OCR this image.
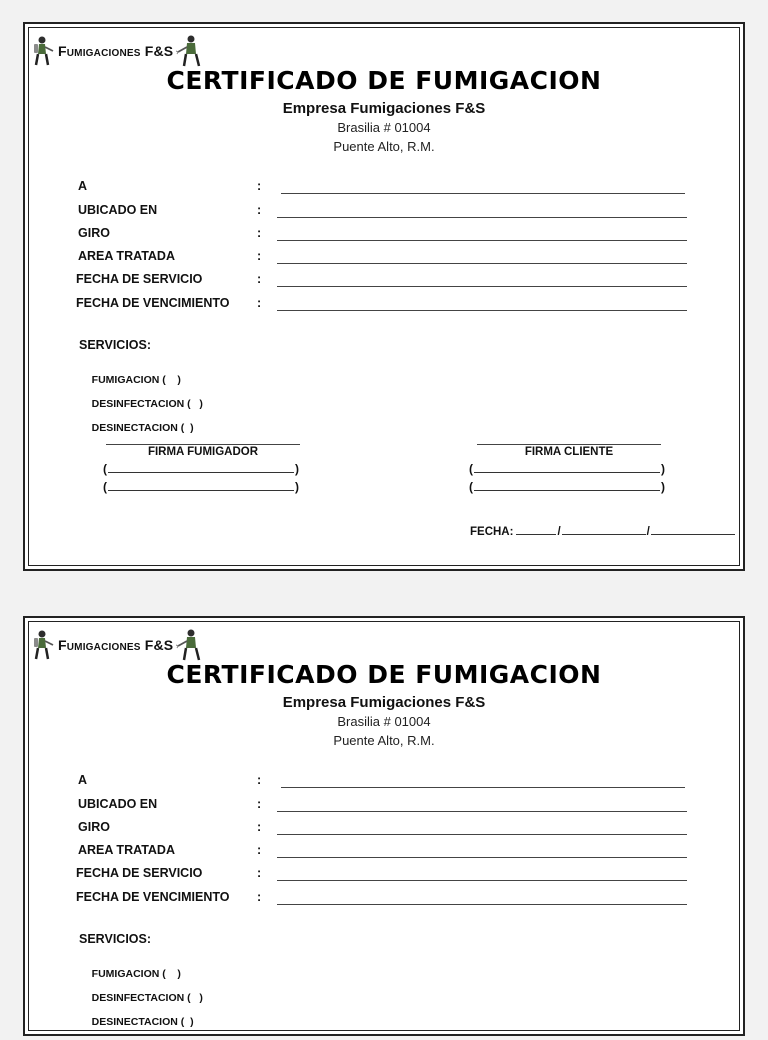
Fumigaciones F&S
CERTIFICADO DE FUMIGACION
Empresa Fumigaciones F&S
Brasilia # 01004
Puente Alto, R.M.
A	:
UBICADO EN	:
GIRO	:
AREA TRATADA	:
FECHA DE SERVICIO	:
FECHA DE VENCIMIENTO :
SERVICIOS:

FUMIGACION (    )

DESINFECTACION (   )

DESINECTACION (  )

FIRMA FUMIGADOR
(	)
(	)
FIRMA CLIENTE
(	)
(	)
FECHA:	/	/
Fumigaciones F&S
CERTIFICADO DE FUMIGACION
Empresa Fumigaciones F&S
Brasilia # 01004
Puente Alto, R.M.
A	:
UBICADO EN	:
GIRO	:
AREA TRATADA	:
FECHA DE SERVICIO	:
FECHA DE VENCIMIENTO :
SERVICIOS:

FUMIGACION (    )

DESINFECTACION (   )

DESINECTACION (  )
